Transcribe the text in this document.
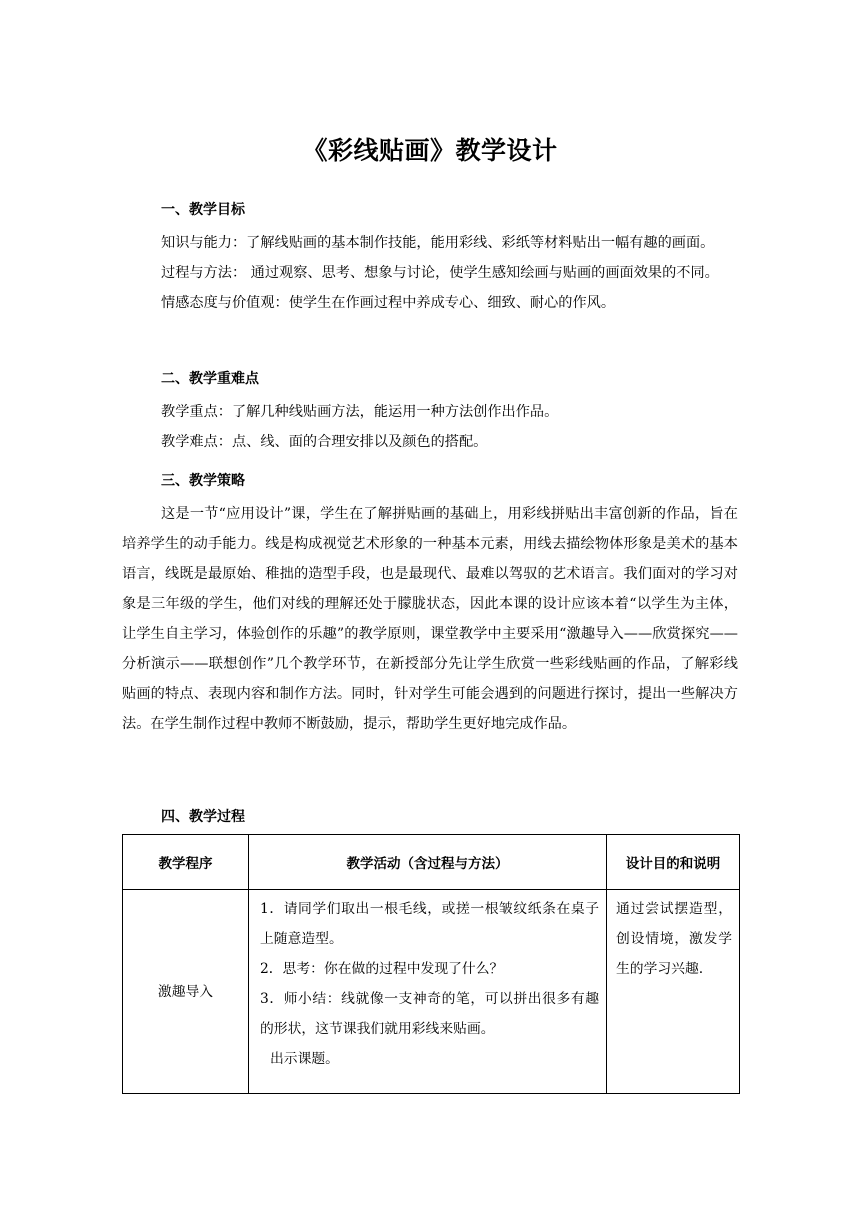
《彩线贴画》教学设计
一、教学目标

知识与能力：了解线贴画的基本制作技能，能用彩线、彩纸等材料贴出一幅有趣的画面。

过程与方法： 通过观察、思考、想象与讨论，使学生感知绘画与贴画的画面效果的不同。

情感态度与价值观：使学生在作画过程中养成专心、细致、耐心的作风。

二、教学重难点

教学重点：了解几种线贴画方法，能运用一种方法创作出作品。

教学难点：点、线、面的合理安排以及颜色的搭配。

三、教学策略

这是一节“应用设计”课，学生在了解拼贴画的基础上，用彩线拼贴出丰富创新的作品，旨在培养学生的动手能力。线是构成视觉艺术形象的一种基本元素，用线去描绘物体形象是美术的基本语言，线既是最原始、稚拙的造型手段，也是最现代、最难以驾驭的艺术语言。我们面对的学习对象是三年级的学生，他们对线的理解还处于朦胧状态，因此本课的设计应该本着“以学生为主体，让学生自主学习，体验创作的乐趣”的教学原则，课堂教学中主要采用“激趣导入——欣赏探究——分析演示——联想创作”几个教学环节，在新授部分先让学生欣赏一些彩线贴画的作品，了解彩线贴画的特点、表现内容和制作方法。同时，针对学生可能会遇到的问题进行探讨，提出一些解决方法。在学生制作过程中教师不断鼓励，提示，帮助学生更好地完成作品。

四、教学过程
教学程序	教学活动（含过程与方法）	设计目的和说明
激趣导入	1．请同学们取出一根毛线，或搓一根皱纹纸条在桌子上随意造型。
2．思考：你在做的过程中发现了什么？
3．师小结：线就像一支神奇的笔，可以拼出很多有趣的形状，这节课我们就用彩线来贴画。
出示课题。	通过尝试摆造型，创设情境，激发学生的学习兴趣.
